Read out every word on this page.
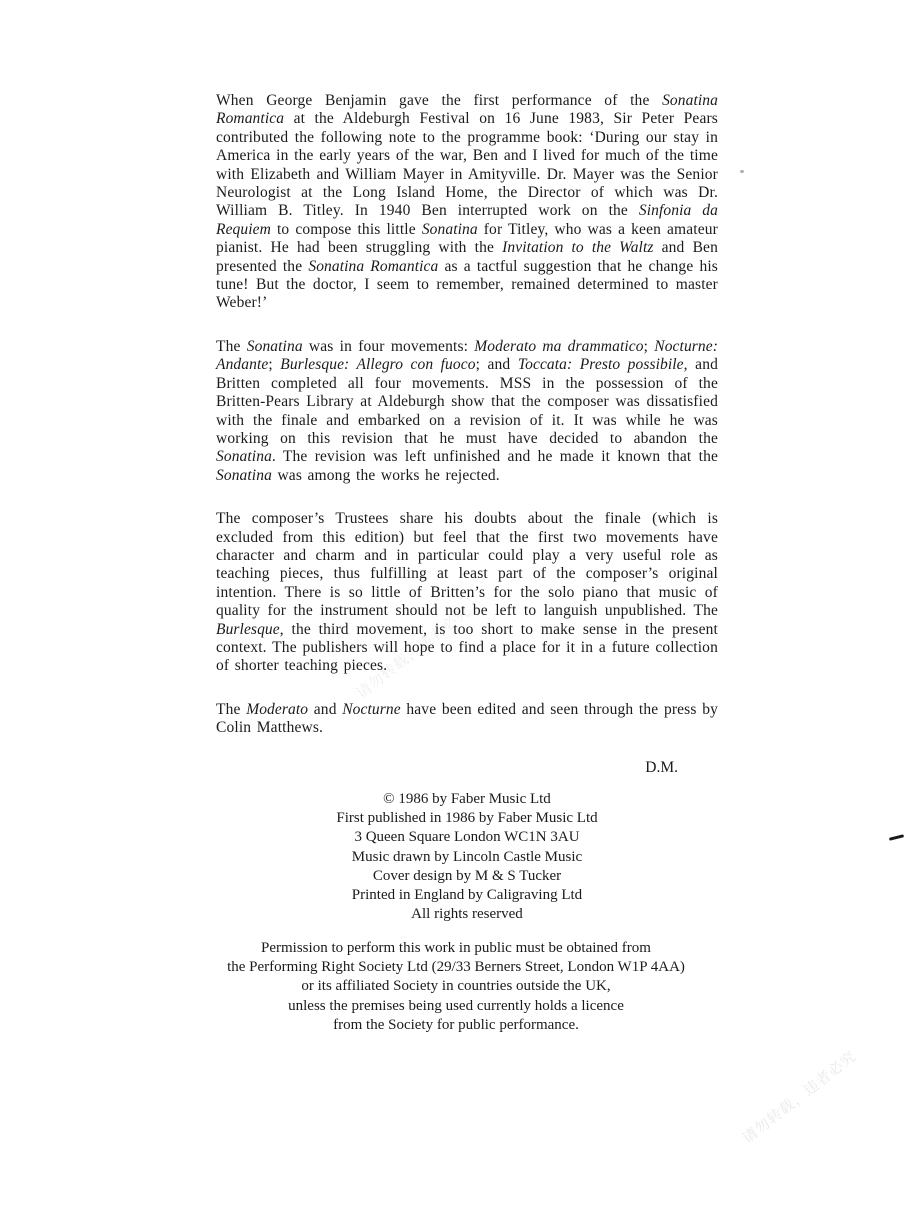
请勿转载，违者必究
请勿转载，违者必究

When George Benjamin gave the first performance of the Sonatina Romantica at the Aldeburgh Festival on 16 June 1983, Sir Peter Pears contributed the following note to the programme book: ‘During our stay in America in the early years of the war, Ben and I lived for much of the time with Elizabeth and William Mayer in Amityville. Dr. Mayer was the Senior Neurologist at the Long Island Home, the Director of which was Dr. William B. Titley. In 1940 Ben interrupted work on the Sinfonia da Requiem to compose this little Sonatina for Titley, who was a keen amateur pianist. He had been struggling with the Invitation to the Waltz and Ben presented the Sonatina Romantica as a tactful suggestion that he change his tune! But the doctor, I seem to remember, remained determined to master Weber!’

The Sonatina was in four movements: Moderato ma drammatico; Nocturne: Andante; Burlesque: Allegro con fuoco; and Toccata: Presto possibile, and Britten completed all four movements. MSS in the possession of the Britten-Pears Library at Aldeburgh show that the composer was dissatisfied with the finale and embarked on a revision of it. It was while he was working on this revision that he must have decided to abandon the Sonatina. The revision was left unfinished and he made it known that the Sonatina was among the works he rejected.

The composer’s Trustees share his doubts about the finale (which is excluded from this edition) but feel that the first two movements have character and charm and in particular could play a very useful role as teaching pieces, thus fulfilling at least part of the composer’s original intention. There is so little of Britten’s for the solo piano that music of quality for the instrument should not be left to languish unpublished. The Burlesque, the third movement, is too short to make sense in the present context. The publishers will hope to find a place for it in a future collection of shorter teaching pieces.

The Moderato and Nocturne have been edited and seen through the press by Colin Matthews.

D.M.
© 1986 by Faber Music Ltd
First published in 1986 by Faber Music Ltd
3 Queen Square London WC1N 3AU
Music drawn by Lincoln Castle Music
Cover design by M & S Tucker
Printed in England by Caligraving Ltd
All rights reserved
Permission to perform this work in public must be obtained from
the Performing Right Society Ltd (29/33 Berners Street, London W1P 4AA)
or its affiliated Society in countries outside the UK,
unless the premises being used currently holds a licence
from the Society for public performance.
